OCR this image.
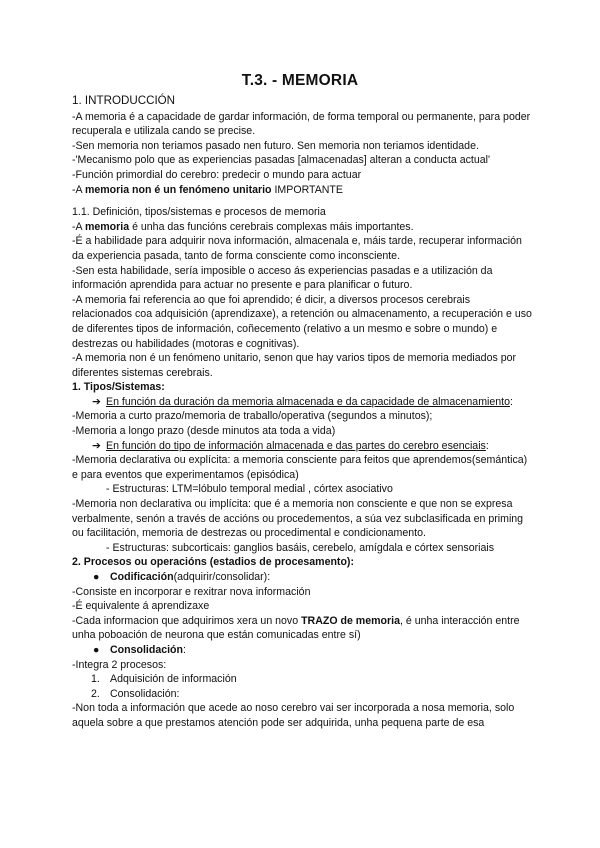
T.3. - MEMORIA

1. INTRODUCCIÓN

-A memoria é a capacidade de gardar información, de forma temporal ou permanente, para poder recuperala e utilizala cando se precise.

-Sen memoria non teriamos pasado nen futuro. Sen memoria non teriamos identidade.

-'Mecanismo polo que as experiencias pasadas [almacenadas] alteran a conducta actual'

-Función primordial do cerebro: predecir o mundo para actuar

-A memoria non é un fenómeno unitario IMPORTANTE

1.1. Definición, tipos/sistemas e procesos de memoria

-A memoria é unha das funcións cerebrais complexas máis importantes.

-É a habilidade para adquirir nova información, almacenala e, máis tarde, recuperar información da experiencia pasada, tanto de forma consciente como inconsciente.

-Sen esta habilidade, sería imposible o acceso ás experiencias pasadas e a utilización da información aprendida para actuar no presente e para planificar o futuro.

-A memoria fai referencia ao que foi aprendido; é dicir, a diversos procesos cerebrais relacionados coa adquisición (aprendizaxe), a retención ou almacenamento, a recuperación e uso de diferentes tipos de información, coñecemento (relativo a un mesmo e sobre o mundo) e destrezas ou habilidades (motoras e cognitivas).

-A memoria non é un fenómeno unitario, senon que hay varios tipos de memoria mediados por diferentes sistemas cerebrais.

1. Tipos/Sistemas:

➔ En función da duración da memoria almacenada e da capacidade de almacenamiento:

-Memoria a curto prazo/memoria de traballo/operativa (segundos a minutos);

-Memoria a longo prazo (desde minutos ata toda a vida)

➔ En función do tipo de información almacenada e das partes do cerebro esenciais:

-Memoria declarativa ou explícita: a memoria consciente para feitos que aprendemos(semántica) e para eventos que experimentamos (episódica)

- Estructuras: LTM=lóbulo temporal medial , córtex asociativo

-Memoria non declarativa ou implícita: que é a memoria non consciente e que non se expresa verbalmente, senón a través de accións ou procedementos, a súa vez subclasificada en priming ou facilitación, memoria de destrezas ou procedimental e condicionamento.

- Estructuras: subcorticais: ganglios basáis, cerebelo, amígdala e córtex sensoriais

2. Procesos ou operacións (estadios de procesamento):

● Codificación(adquirir/consolidar):

-Consiste en incorporar e rexitrar nova información

-É equivalente á aprendizaxe

-Cada informacion que adquirimos xera un novo TRAZO de memoria, é unha interacción entre unha poboación de neurona que están comunicadas entre sí)

● Consolidación:

-Integra 2 procesos:

1. Adquisición de información

2. Consolidación:

-Non toda a información que acede ao noso cerebro vai ser incorporada a nosa memoria, solo aquela sobre a que prestamos atención pode ser adquirida, unha pequena parte de esa
